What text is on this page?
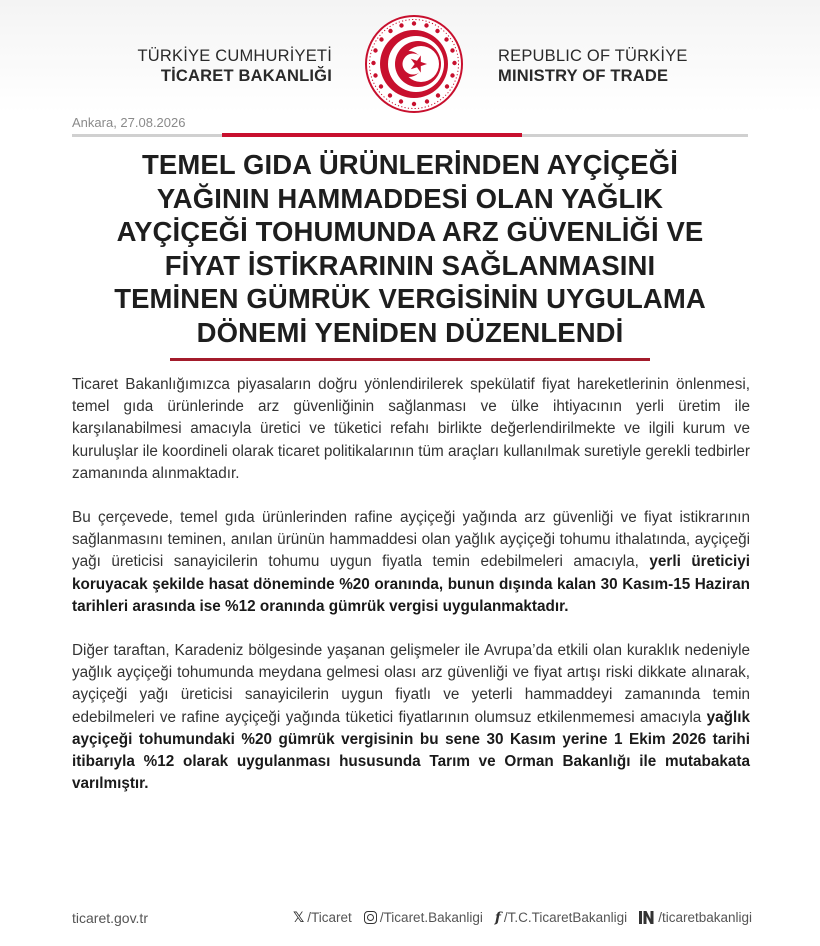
TÜRKİYE CUMHURİYETİ
TİCARET BAKANLIĞI
REPUBLIC OF TÜRKİYE
MINISTRY OF TRADE
Ankara, 27.08.2026
TEMEL GIDA ÜRÜNLERİNDEN AYÇİÇEĞİ
YAĞININ HAMMADDESİ OLAN YAĞLIK
AYÇİÇEĞİ TOHUMUNDA ARZ GÜVENLİĞİ VE
FİYAT İSTİKRARININ SAĞLANMASINI
TEMİNEN GÜMRÜK VERGİSİNİN UYGULAMA
DÖNEMİ YENİDEN DÜZENLENDİ

Ticaret Bakanlığımızca piyasaların doğru yönlendirilerek spekülatif fiyat hareketlerinin önlenmesi, temel gıda ürünlerinde arz güvenliğinin sağlanması ve ülke ihtiyacının yerli üretim ile karşılanabilmesi amacıyla üretici ve tüketici refahı birlikte değerlendirilmekte ve ilgili kurum ve kuruluşlar ile koordineli olarak ticaret politikalarının tüm araçları kullanılmak suretiyle gerekli tedbirler zamanında alınmaktadır.

Bu çerçevede, temel gıda ürünlerinden rafine ayçiçeği yağında arz güvenliği ve fiyat istikrarının sağlanmasını teminen, anılan ürünün hammaddesi olan yağlık ayçiçeği tohumu ithalatında, ayçiçeği yağı üreticisi sanayicilerin tohumu uygun fiyatla temin edebilmeleri amacıyla, yerli üreticiyi koruyacak şekilde hasat döneminde %20 oranında, bunun dışında kalan 30 Kasım-15 Haziran tarihleri arasında ise %12 oranında gümrük vergisi uygulanmaktadır.

Diğer taraftan, Karadeniz bölgesinde yaşanan gelişmeler ile Avrupa’da etkili olan kuraklık nedeniyle yağlık ayçiçeği tohumunda meydana gelmesi olası arz güvenliği ve fiyat artışı riski dikkate alınarak, ayçiçeği yağı üreticisi sanayicilerin uygun fiyatlı ve yeterli hammaddeyi zamanında temin edebilmeleri ve rafine ayçiçeği yağında tüketici fiyatlarının olumsuz etkilenmemesi amacıyla yağlık ayçiçeği tohumundaki %20 gümrük vergisinin bu sene 30 Kasım yerine 1 Ekim 2026 tarihi itibarıyla %12 olarak uygulanması hususunda Tarım ve Orman Bakanlığı ile mutabakata varılmıştır.

ticaret.gov.tr	𝕏 /Ticaret /Ticaret.Bakanligi f /T.C.TicaretBakanligi /ticaretbakanligi
